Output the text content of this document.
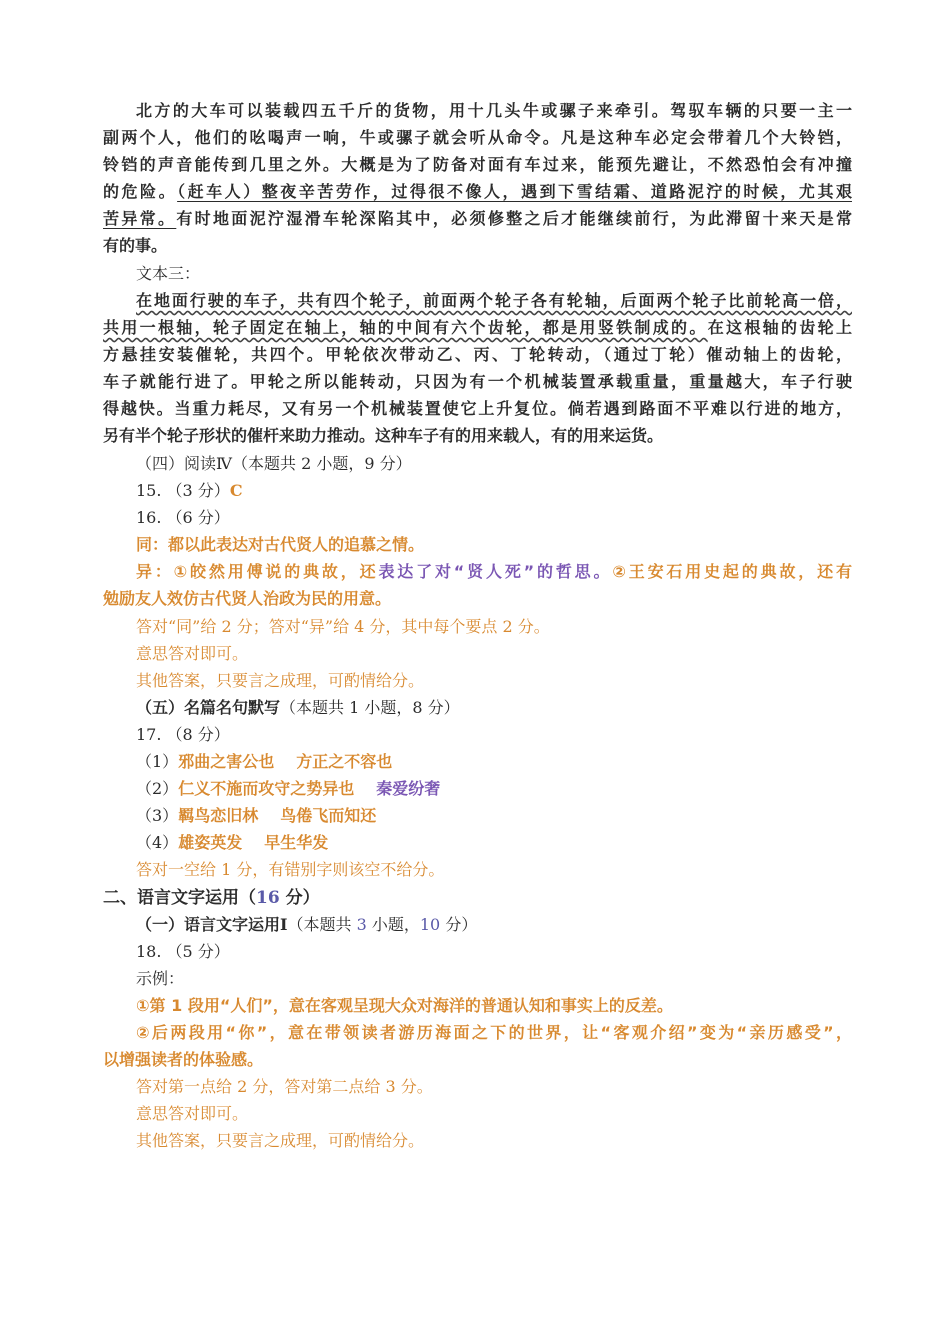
北方的大车可以装载四五千斤的货物，用十几头牛或骡子来牵引。驾驭车辆的只要一主一
副两个人，他们的吆喝声一响，牛或骡子就会听从命令。凡是这种车必定会带着几个大铃铛，
铃铛的声音能传到几里之外。大概是为了防备对面有车过来，能预先避让，不然恐怕会有冲撞
的危险。（赶车人）整夜辛苦劳作，过得很不像人，遇到下雪结霜、道路泥泞的时候，尤其艰
苦异常。有时地面泥泞湿滑车轮深陷其中，必须修整之后才能继续前行，为此滞留十来天是常
有的事。
文本三：
在地面行驶的车子，共有四个轮子，前面两个轮子各有轮轴，后面两个轮子比前轮高一倍，
共用一根轴，轮子固定在轴上，轴的中间有六个齿轮，都是用竖铁制成的。在这根轴的齿轮上
方悬挂安装催轮，共四个。甲轮依次带动乙、丙、丁轮转动，（通过丁轮）催动轴上的齿轮，
车子就能行进了。甲轮之所以能转动，只因为有一个机械装置承载重量，重量越大，车子行驶
得越快。当重力耗尽，又有另一个机械装置使它上升复位。倘若遇到路面不平难以行进的地方，
另有半个轮子形状的催杆来助力推动。这种车子有的用来载人，有的用来运货。
（四）阅读Ⅳ（本题共 2 小题，9 分）
15. （3 分）C
16. （6 分）
同：都以此表达对古代贤人的追慕之情。
异：①皎然用傅说的典故，还表达了对“贤人死”的哲思。②王安石用史起的典故，还有
勉励友人效仿古代贤人治政为民的用意。
答对“同”给 2 分；答对“异”给 4 分，其中每个要点 2 分。
意思答对即可。
其他答案，只要言之成理，可酌情给分。
（五）名篇名句默写（本题共 1 小题，8 分）
17. （8 分）
（1）邪曲之害公也 方正之不容也
（2）仁义不施而攻守之势异也 秦爱纷奢
（3）羁鸟恋旧林 鸟倦飞而知还
（4）雄姿英发 早生华发
答对一空给 1 分，有错别字则该空不给分。
二、语言文字运用（16 分）
（一）语言文字运用Ⅰ（本题共 3 小题，10 分）
18. （5 分）
示例：
①第 1 段用“人们”，意在客观呈现大众对海洋的普通认知和事实上的反差。
②后两段用“你”，意在带领读者游历海面之下的世界，让“客观介绍”变为“亲历感受”，
以增强读者的体验感。
答对第一点给 2 分，答对第二点给 3 分。
意思答对即可。
其他答案，只要言之成理，可酌情给分。
